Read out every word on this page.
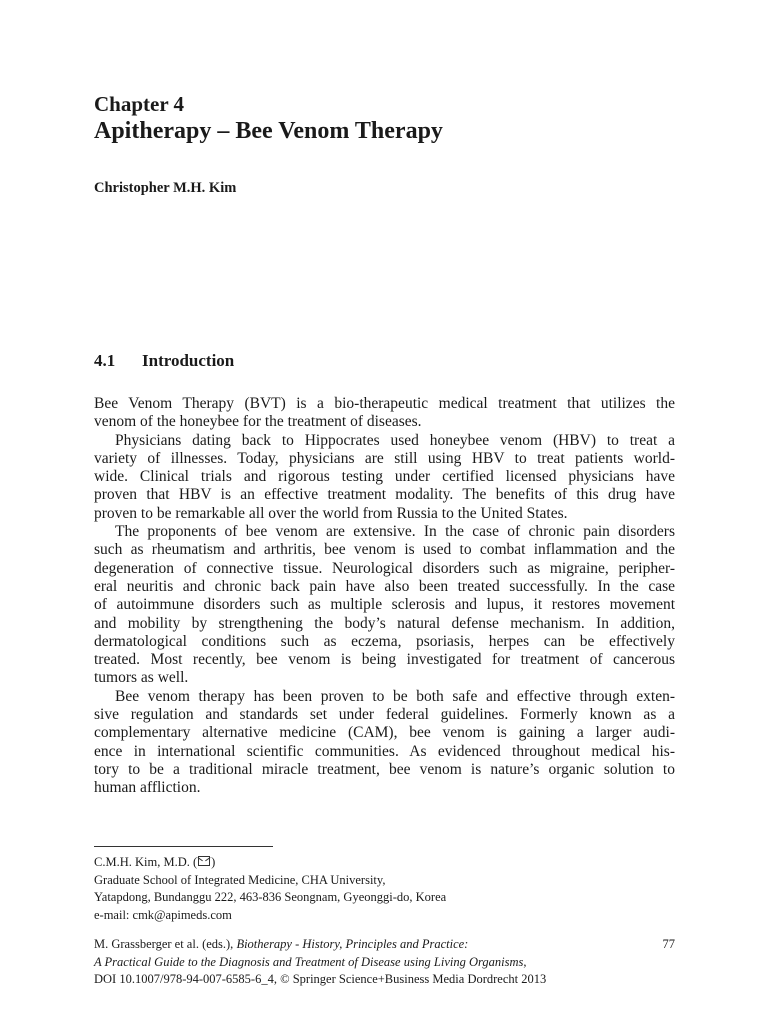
Chapter 4
Apitherapy – Bee Venom Therapy
Christopher M.H. Kim
4.1 Introduction
Bee Venom Therapy (BVT) is a bio-therapeutic medical treatment that utilizes the
venom of the honeybee for the treatment of diseases.
Physicians dating back to Hippocrates used honeybee venom (HBV) to treat a
variety of illnesses. Today, physicians are still using HBV to treat patients world-
wide. Clinical trials and rigorous testing under certified licensed physicians have
proven that HBV is an effective treatment modality. The benefits of this drug have
proven to be remarkable all over the world from Russia to the United States.
The proponents of bee venom are extensive. In the case of chronic pain disorders
such as rheumatism and arthritis, bee venom is used to combat inflammation and the
degeneration of connective tissue. Neurological disorders such as migraine, peripher-
eral neuritis and chronic back pain have also been treated successfully. In the case
of autoimmune disorders such as multiple sclerosis and lupus, it restores movement
and mobility by strengthening the body’s natural defense mechanism. In addition,
dermatological conditions such as eczema, psoriasis, herpes can be effectively
treated. Most recently, bee venom is being investigated for treatment of cancerous
tumors as well.
Bee venom therapy has been proven to be both safe and effective through exten-
sive regulation and standards set under federal guidelines. Formerly known as a
complementary alternative medicine (CAM), bee venom is gaining a larger audi-
ence in international scientific communities. As evidenced throughout medical his-
tory to be a traditional miracle treatment, bee venom is nature’s organic solution to
human affliction.
C.M.H. Kim, M.D. ( )
Graduate School of Integrated Medicine, CHA University,
Yatapdong, Bundanggu 222, 463-836 Seongnam, Gyeonggi-do, Korea
e-mail: cmk@apimeds.com
M. Grassberger et al. (eds.), Biotherapy - History, Principles and Practice:
A Practical Guide to the Diagnosis and Treatment of Disease using Living Organisms,
DOI 10.1007/978-94-007-6585-6_4, © Springer Science+Business Media Dordrecht 2013
77
